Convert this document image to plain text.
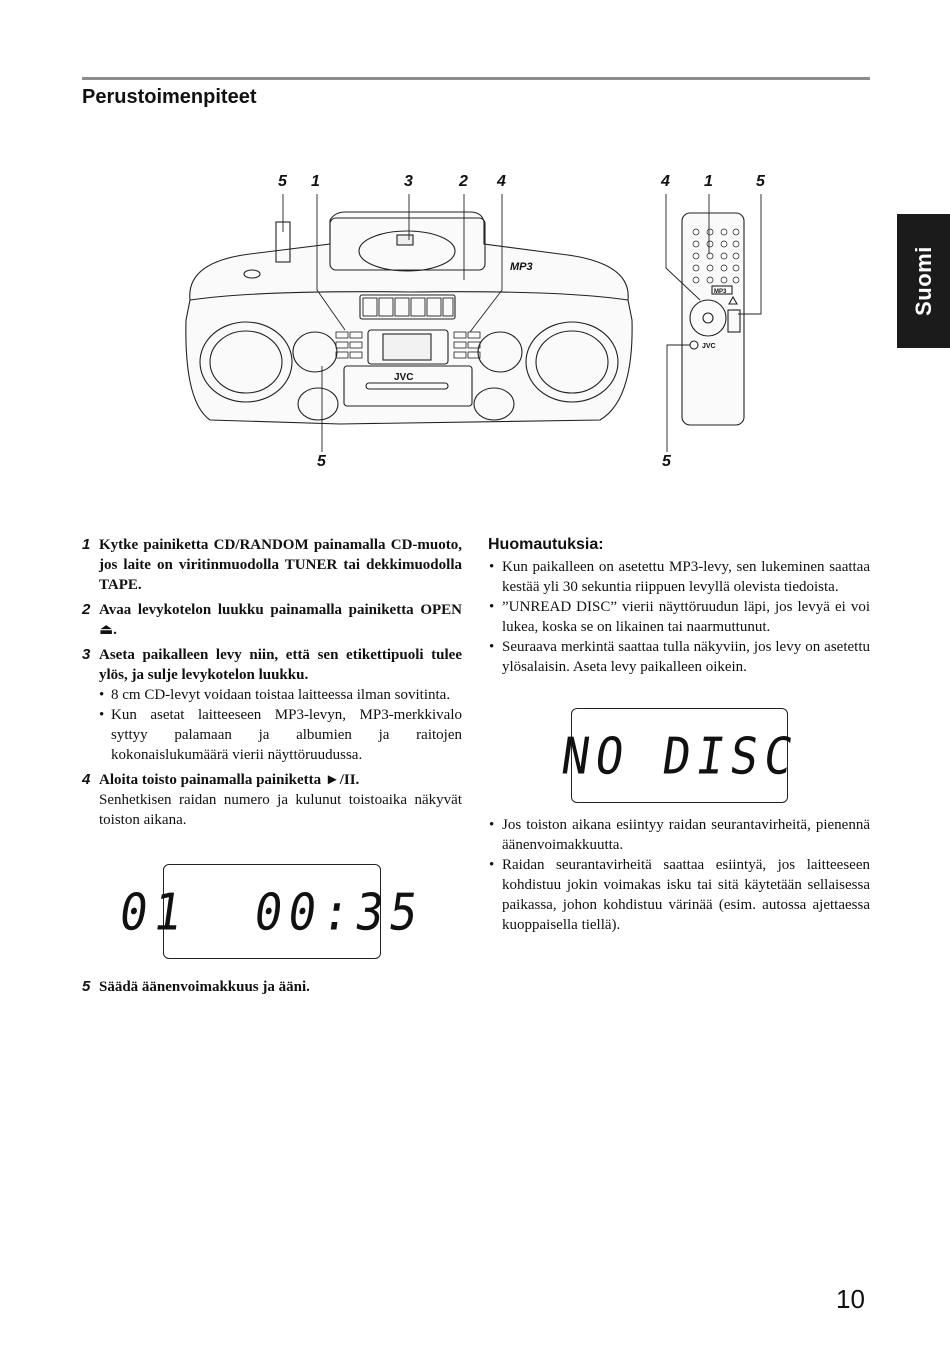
Perustoimenpiteet
Suomi
JVC
MP3
MP3
JVC
5 1	3	2 4	4 1	5
5	5
1 Kytke painiketta CD/RANDOM painamalla CD-muoto, jos laite on viritinmuodolla TUNER tai dekkimuodolla TAPE.
2 Avaa levykotelon luukku painamalla painiketta OPEN ⏏.
3 Aseta paikalleen levy niin, että sen etikettipuoli tulee ylös, ja sulje levykotelon luukku.
• 8 cm CD-levyt voidaan toistaa laitteessa ilman sovitinta.
• Kun asetat laitteeseen MP3-levyn, MP3-merkkivalo syttyy palamaan ja albumien ja raitojen kokonaislukumäärä vierii näyttöruudussa.
4 Aloita toisto painamalla painiketta ►/II.
Senhetkisen raidan numero ja kulunut toistoaika näkyvät toiston aikana.
01  00:35
5 Säädä äänenvoimakkuus ja ääni.
Huomautuksia:
• Kun paikalleen on asetettu MP3-levy, sen lukeminen saattaa kestää yli 30 sekuntia riippuen levyllä olevista tiedoista.
• ”UNREAD DISC” vierii näyttöruudun läpi, jos levyä ei voi lukea, koska se on likainen tai naarmuttunut.
• Seuraava merkintä saattaa tulla näkyviin, jos levy on asetettu ylösalaisin. Aseta levy paikalleen oikein.
NO DISC
• Jos toiston aikana esiintyy raidan seurantavirheitä, pienennä äänenvoimakkuutta.
• Raidan seurantavirheitä saattaa esiintyä, jos laitteeseen kohdistuu jokin voimakas isku tai sitä käytetään sellaisessa paikassa, johon kohdistuu värinää (esim. autossa ajettaessa kuoppaisella tiellä).
10
